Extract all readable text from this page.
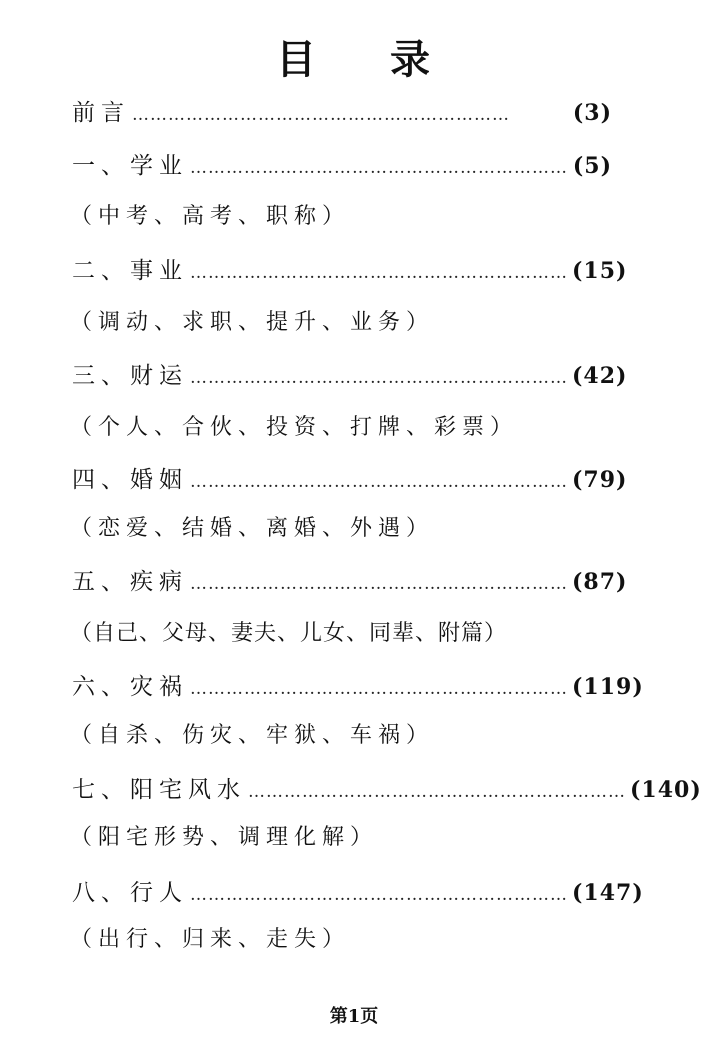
目 录
前言 ………………………………………………………	(3)
一、学业 ……………………………………………………… (5)
（中考、高考、职称）
二、事业 ……………………………………………………… (15)
（调动、求职、提升、业务）
三、财运 ……………………………………………………… (42)
（个人、合伙、投资、打牌、彩票）
四、婚姻 ……………………………………………………… (79)
（恋爱、结婚、离婚、外遇）
五、疾病 ……………………………………………………… (87)
（自己、父母、妻夫、儿女、同辈、附篇）
六、灾祸 ……………………………………………………… (119)
（自杀、伤灾、牢狱、车祸）
七、阳宅风水 ……………………………………………………… (140)
（阳宅形势、调理化解）
八、行人 ……………………………………………………… (147)
（出行、归来、走失）
第1页
